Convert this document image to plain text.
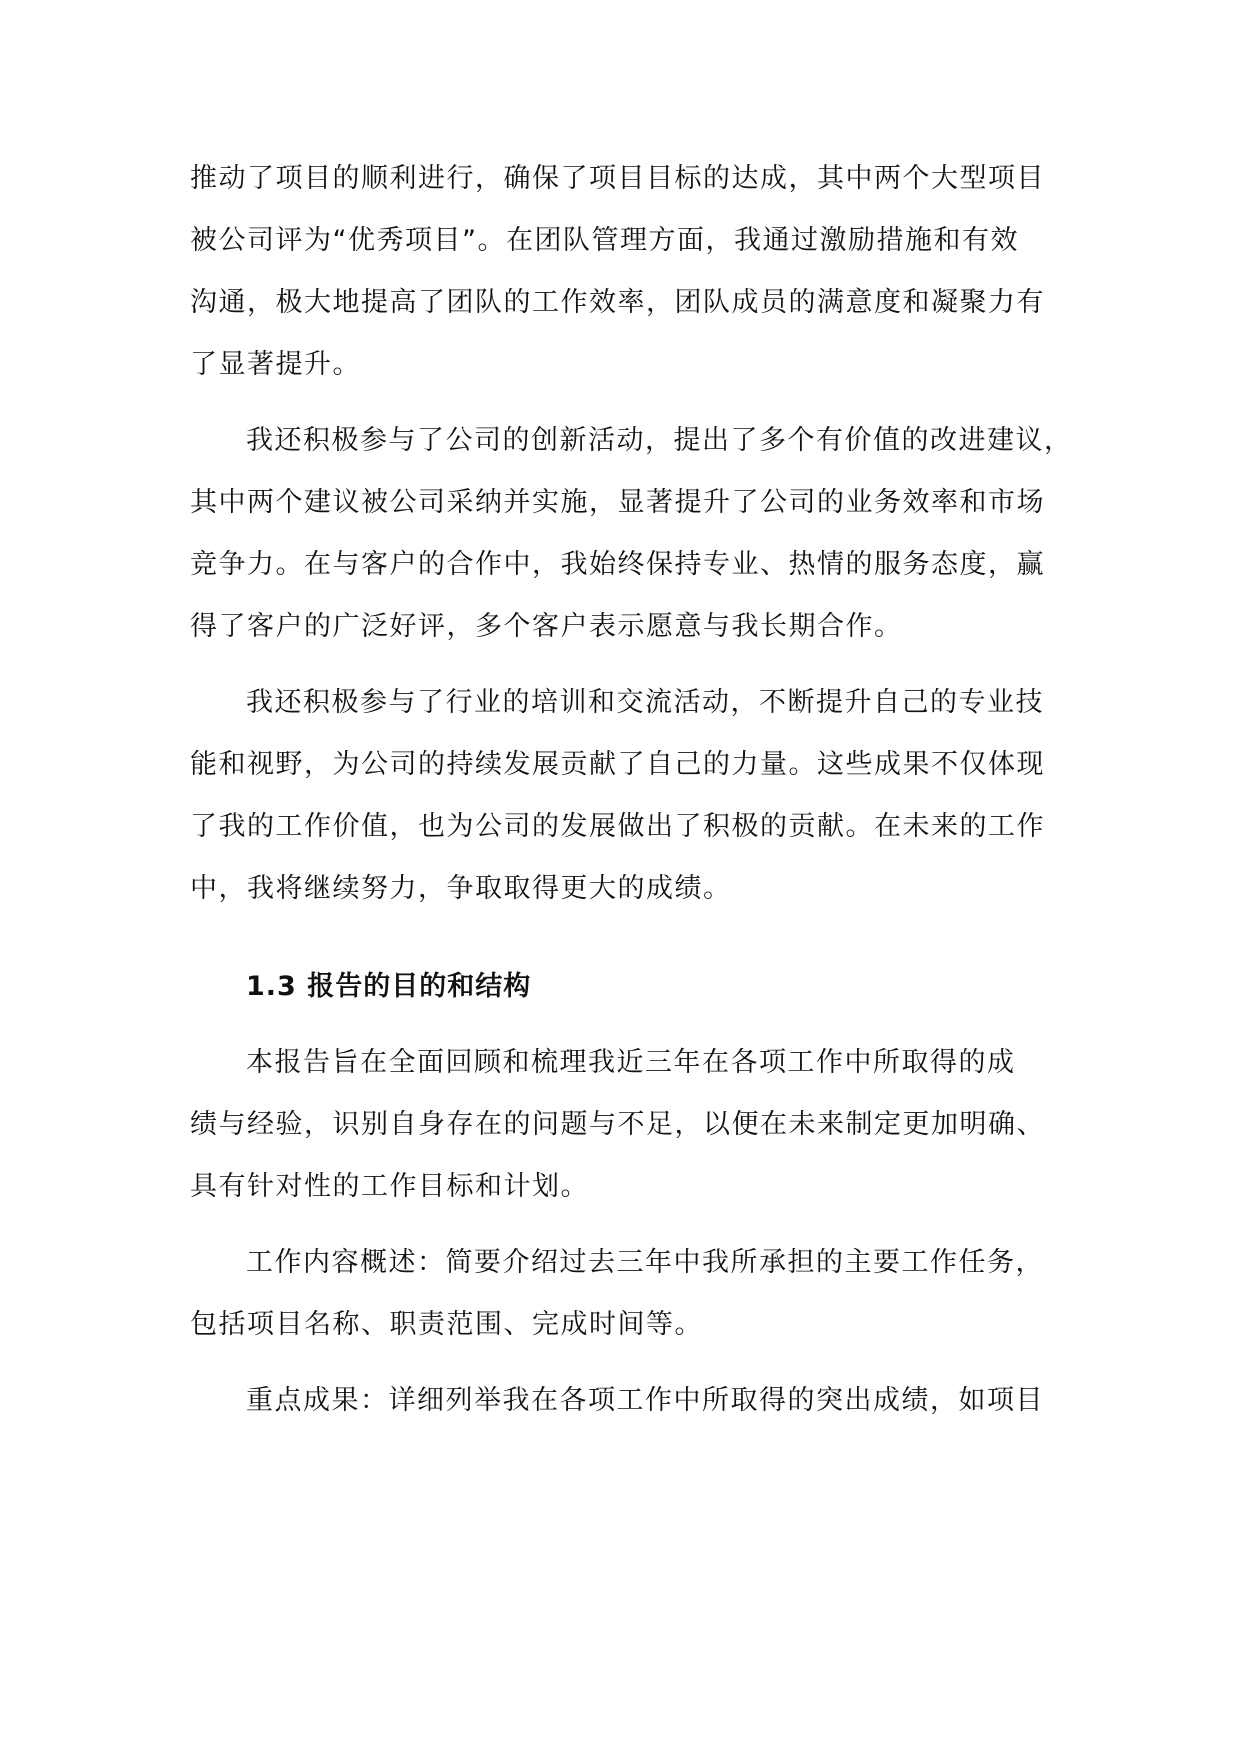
推动了项目的顺利进行，确保了项目目标的达成，其中两个大型项目
被公司评为“优秀项目”。在团队管理方面，我通过激励措施和有效
沟通，极大地提高了团队的工作效率，团队成员的满意度和凝聚力有
了显著提升。
我还积极参与了公司的创新活动，提出了多个有价值的改进建议，
其中两个建议被公司采纳并实施，显著提升了公司的业务效率和市场
竞争力。在与客户的合作中，我始终保持专业、热情的服务态度，赢
得了客户的广泛好评，多个客户表示愿意与我长期合作。
我还积极参与了行业的培训和交流活动，不断提升自己的专业技
能和视野，为公司的持续发展贡献了自己的力量。这些成果不仅体现
了我的工作价值，也为公司的发展做出了积极的贡献。在未来的工作
中，我将继续努力，争取取得更大的成绩。
1.3 报告的目的和结构
本报告旨在全面回顾和梳理我近三年在各项工作中所取得的成
绩与经验，识别自身存在的问题与不足，以便在未来制定更加明确、
具有针对性的工作目标和计划。
工作内容概述：简要介绍过去三年中我所承担的主要工作任务，
包括项目名称、职责范围、完成时间等。
重点成果：详细列举我在各项工作中所取得的突出成绩，如项目
